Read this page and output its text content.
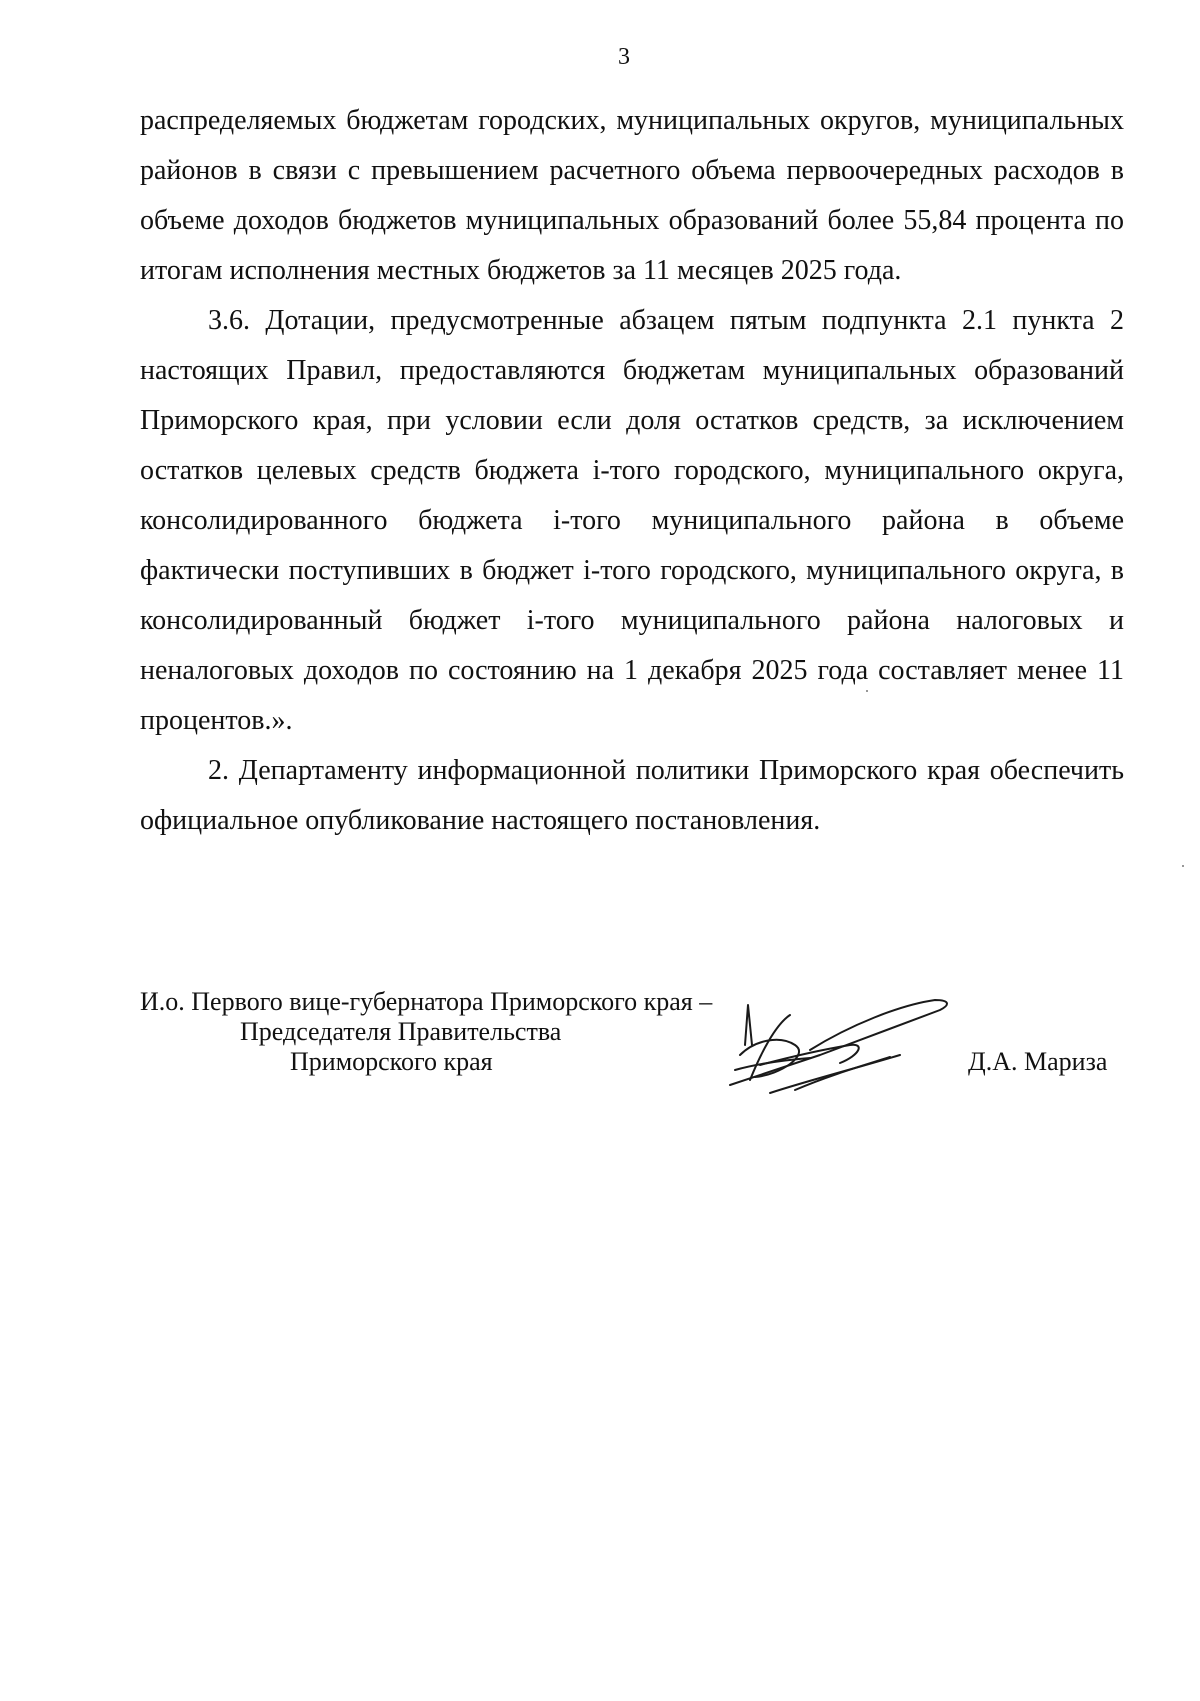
3

распределяемых бюджетам городских, муниципальных округов, муниципальных районов в связи с превышением расчетного объема первоочередных расходов в объеме доходов бюджетов муниципальных образований более 55,84 процента по итогам исполнения местных бюджетов за 11 месяцев 2025 года.

3.6. Дотации, предусмотренные абзацем пятым подпункта 2.1 пункта 2 настоящих Правил, предоставляются бюджетам муниципальных образований Приморского края, при условии если доля остатков средств, за исключением остатков целевых средств бюджета i-того городского, муниципального округа, консолидированного бюджета i-того муниципального района в объеме фактически поступивших в бюджет i-того городского, муниципального округа, в консолидированный бюджет i-того муниципального района налоговых и неналоговых доходов по состоянию на 1 декабря 2025 года составляет менее 11 процентов.».

2. Департаменту информационной политики Приморского края обеспечить официальное опубликование настоящего постановления.

И.о. Первого вице-губернатора Приморского края –
Председателя Правительства
Приморского края	Д.А. Мариза
